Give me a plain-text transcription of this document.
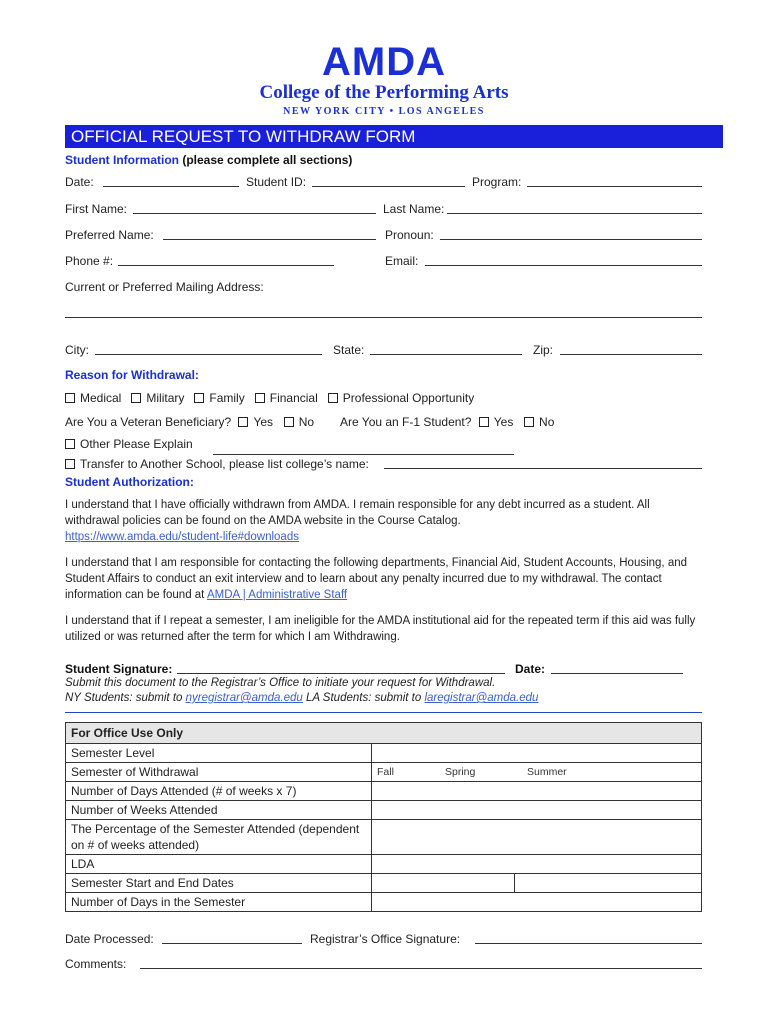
AMDA
College of the Performing Arts
NEW YORK CITY • LOS ANGELES
OFFICIAL REQUEST TO WITHDRAW FORM
Student Information (please complete all sections)
Date:	Student ID:	Program:
First Name:	Last Name:
Preferred Name:	Pronoun:
Phone #:	Email:
Current or Preferred Mailing Address:
City:	State:	Zip:
Reason for Withdrawal:
Medical Military Family Financial Professional Opportunity
Are You a Veteran Beneficiary? Yes No Are You an F-1 Student? Yes No
Other Please Explain
Transfer to Another School, please list college’s name:
Student Authorization:
I understand that I have officially withdrawn from AMDA. I remain responsible for any debt incurred as a student. All withdrawal policies can be found on the AMDA website in the Course Catalog.
https://www.amda.edu/student-life#downloads
I understand that I am responsible for contacting the following departments, Financial Aid, Student Accounts, Housing, and Student Affairs to conduct an exit interview and to learn about any penalty incurred due to my withdrawal. The contact information can be found at AMDA | Administrative Staff
I understand that if I repeat a semester, I am ineligible for the AMDA institutional aid for the repeated term if this aid was fully utilized or was returned after the term for which I am Withdrawing.
Student Signature:	Date:
Submit this document to the Registrar’s Office to initiate your request for Withdrawal.
NY Students: submit to nyregistrar@amda.edu LA Students: submit to laregistrar@amda.edu
For Office Use Only		
Semester Level		
Semester of Withdrawal	Fall Spring Summer	
Number of Days Attended (# of weeks x 7)		
Number of Weeks Attended		
The Percentage of the Semester Attended (dependent on # of weeks attended)		
LDA		
Semester Start and End Dates		
Number of Days in the Semester		
Date Processed:	Registrar’s Office Signature:
Comments:
